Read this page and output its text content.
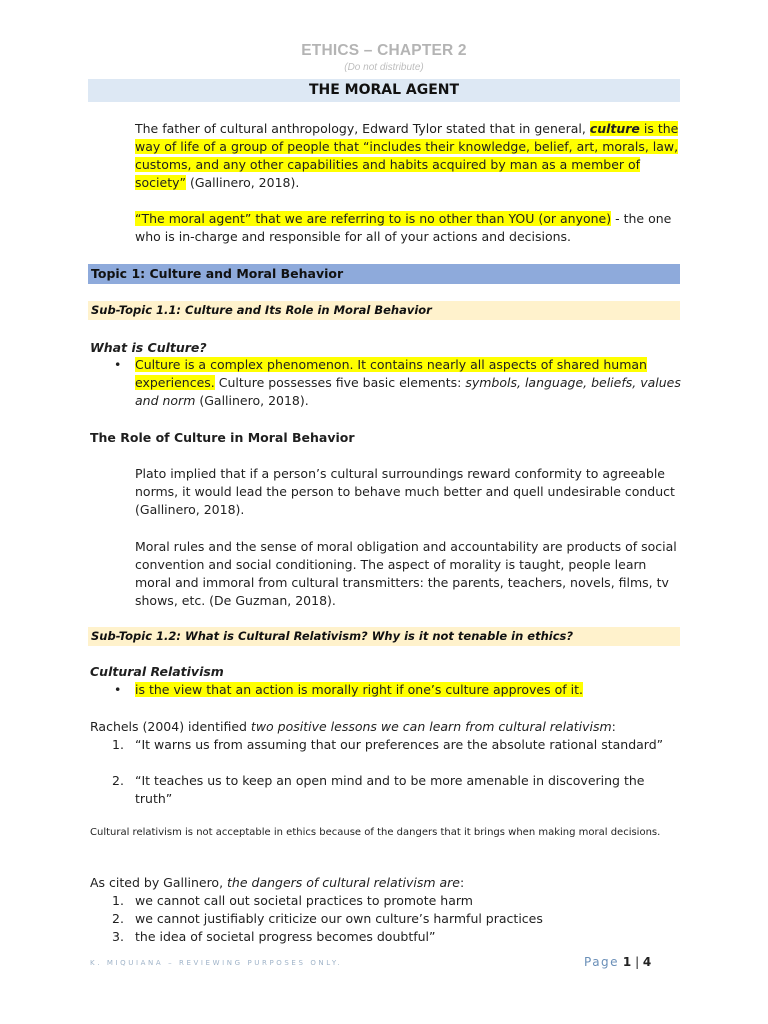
ETHICS – CHAPTER 2
(Do not distribute)
THE MORAL AGENT
The father of cultural anthropology, Edward Tylor stated that in general, culture is the way of life of a group of people that “includes their knowledge, belief, art, morals, law, customs, and any other capabilities and habits acquired by man as a member of society” (Gallinero, 2018).
“The moral agent” that we are referring to is no other than YOU (or anyone) - the one who is in-charge and responsible for all of your actions and decisions.
Topic 1: Culture and Moral Behavior
Sub-Topic 1.1: Culture and Its Role in Moral Behavior
What is Culture?
• Culture is a complex phenomenon. It contains nearly all aspects of shared human experiences. Culture possesses five basic elements: symbols, language, beliefs, values and norm (Gallinero, 2018).
The Role of Culture in Moral Behavior
Plato implied that if a person’s cultural surroundings reward conformity to agreeable norms, it would lead the person to behave much better and quell undesirable conduct (Gallinero, 2018).
Moral rules and the sense of moral obligation and accountability are products of social convention and social conditioning. The aspect of morality is taught, people learn moral and immoral from cultural transmitters: the parents, teachers, novels, films, tv shows, etc. (De Guzman, 2018).
Sub-Topic 1.2: What is Cultural Relativism? Why is it not tenable in ethics?
Cultural Relativism
• is the view that an action is morally right if one’s culture approves of it.
Rachels (2004) identified two positive lessons we can learn from cultural relativism:
1. “It warns us from assuming that our preferences are the absolute rational standard”
2. “It teaches us to keep an open mind and to be more amenable in discovering the truth”
Cultural relativism is not acceptable in ethics because of the dangers that it brings when making moral decisions.
As cited by Gallinero, the dangers of cultural relativism are:
1. we cannot call out societal practices to promote harm
2. we cannot justifiably criticize our own culture’s harmful practices
3. the idea of societal progress becomes doubtful”
K. MIQUIANA – REVIEWING PURPOSES ONLY.	Page 1 | 4
